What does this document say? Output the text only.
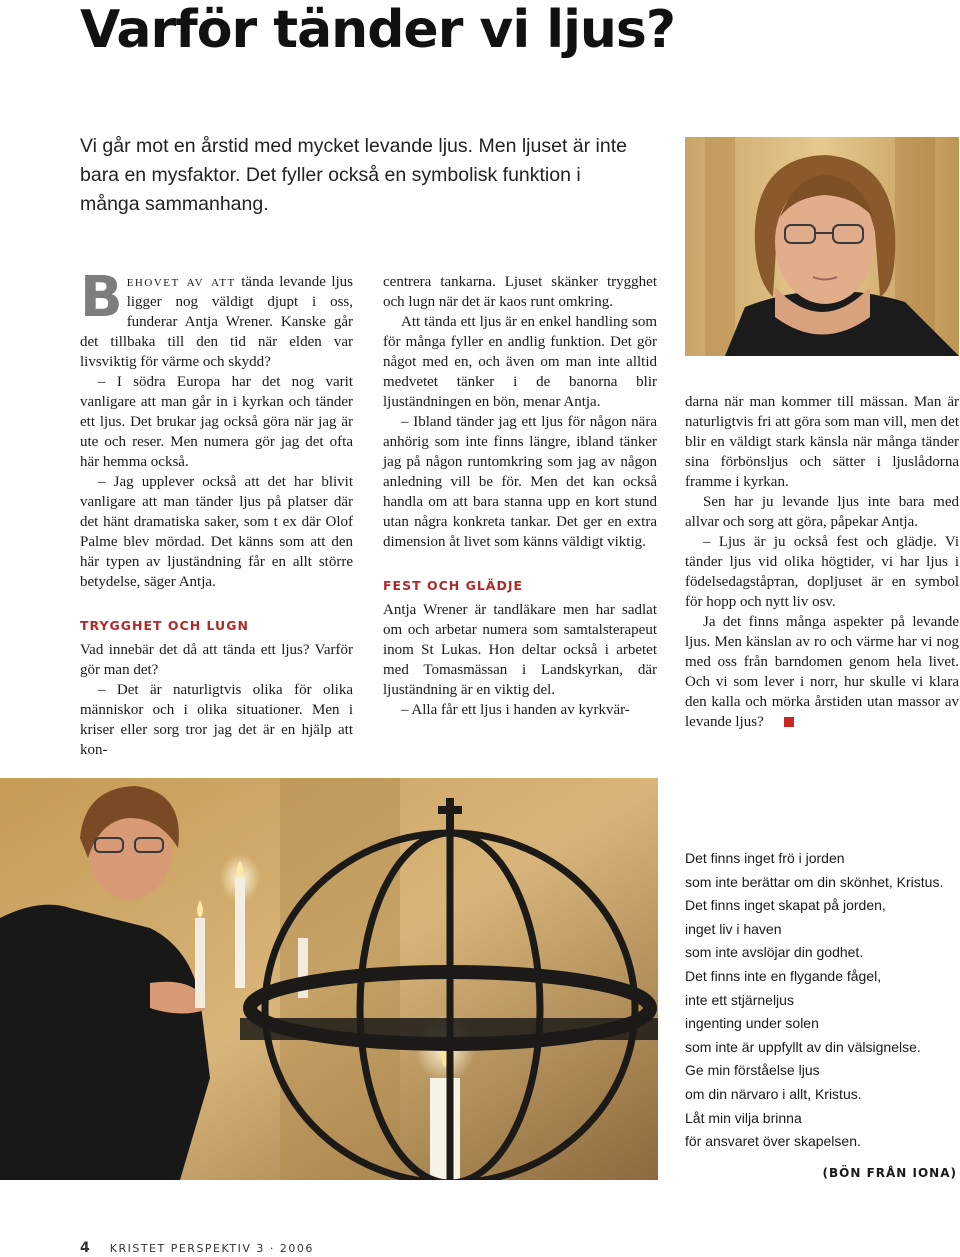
Varför tänder vi ljus?

Vi går mot en årstid med mycket levande ljus. Men ljuset är inte bara en mysfaktor. Det fyller också en symbolisk funktion i många sammanhang.

Behovet av att tända levande ljus ligger nog väldigt djupt i oss, funderar Antja Wrener. Kanske går det tillbaka till den tid när elden var livsviktig för värme och skydd?

– I södra Europa har det nog varit vanligare att man går in i kyrkan och tänder ett ljus. Det brukar jag också göra när jag är ute och reser. Men numera gör jag det ofta här hemma också.

– Jag upplever också att det har blivit vanligare att man tänder ljus på platser där det hänt dramatiska saker, som t ex där Olof Palme blev mördad. Det känns som att den här typen av ljuständning får en allt större betydelse, säger Antja.

TRYGGHET OCH LUGN

Vad innebär det då att tända ett ljus? Varför gör man det?

– Det är naturligtvis olika för olika människor och i olika situationer. Men i kriser eller sorg tror jag det är en hjälp att kon-

centrera tankarna. Ljuset skänker trygghet och lugn när det är kaos runt omkring.

Att tända ett ljus är en enkel handling som för många fyller en andlig funktion. Det gör något med en, och även om man inte alltid medvetet tänker i de banorna blir ljuständningen en bön, menar Antja.

– Ibland tänder jag ett ljus för någon nära anhörig som inte finns längre, ibland tänker jag på någon runtomkring som jag av någon anledning vill be för. Men det kan också handla om att bara stanna upp en kort stund utan några konkreta tankar. Det ger en extra dimension åt livet som känns väldigt viktig.

FEST OCH GLÄDJE

Antja Wrener är tandläkare men har sadlat om och arbetar numera som samtalsterapeut inom St Lukas. Hon deltar också i arbetet med Tomasmässan i Landskyrkan, där ljuständning är en viktig del.

– Alla får ett ljus i handen av kyrkvär-

darna när man kommer till mässan. Man är naturligtvis fri att göra som man vill, men det blir en väldigt stark känsla när många tänder sina förbönsljus och sätter i ljuslådorna framme i kyrkan.

Sen har ju levande ljus inte bara med allvar och sorg att göra, påpekar Antja.

– Ljus är ju också fest och glädje. Vi tänder ljus vid olika högtider, vi har ljus i födelsedagståртan, dopljuset är en symbol för hopp och nytt liv osv.

Ja det finns många aspekter på levande ljus. Men känslan av ro och värme har vi nog med oss från barndomen genom hela livet. Och vi som lever i norr, hur skulle vi klara den kalla och mörka årstiden utan massor av levande ljus?

Det finns inget frö i jorden
som inte berättar om din skönhet, Kristus.
Det finns inget skapat på jorden,
inget liv i haven
som inte avslöjar din godhet.
Det finns inte en flygande fågel,
inte ett stjärneljus
ingenting under solen
som inte är uppfyllt av din välsignelse.
Ge min förståelse ljus
om din närvaro i allt, Kristus.
Låt min vilja brinna
för ansvaret över skapelsen.

(BÖN FRÅN IONA)

4 KRISTET PERSPEKTIV 3 · 2006
